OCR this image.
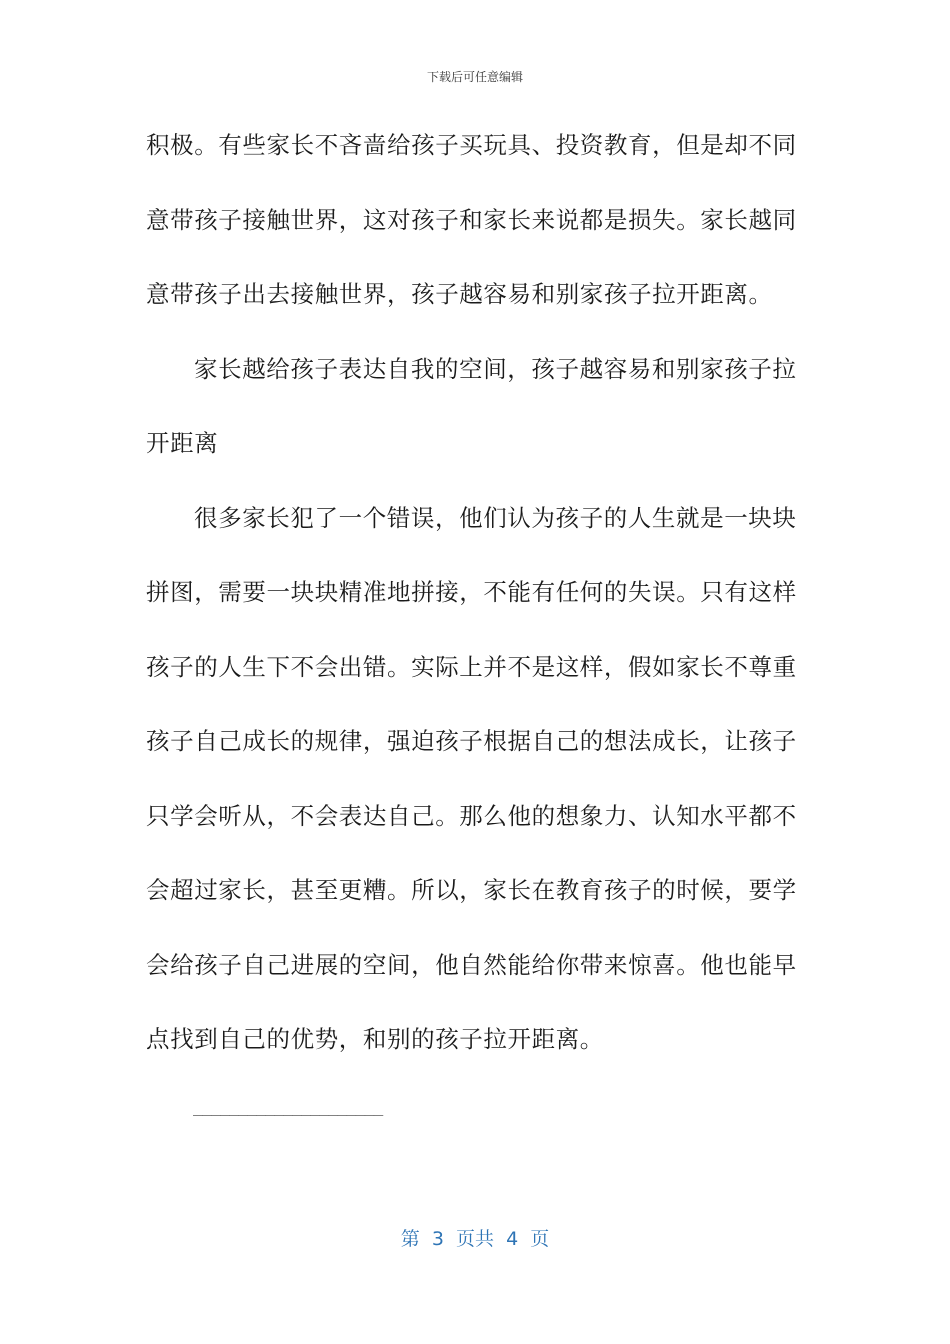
下载后可任意编辑
积极。有些家长不吝啬给孩子买玩具、投资教育，但是却不同
意带孩子接触世界，这对孩子和家长来说都是损失。家长越同
意带孩子出去接触世界，孩子越容易和别家孩子拉开距离。
家长越给孩子表达自我的空间，孩子越容易和别家孩子拉
开距离
很多家长犯了一个错误，他们认为孩子的人生就是一块块
拼图，需要一块块精准地拼接，不能有任何的失误。只有这样
孩子的人生下不会出错。实际上并不是这样，假如家长不尊重
孩子自己成长的规律，强迫孩子根据自己的想法成长，让孩子
只学会听从，不会表达自己。那么他的想象力、认知水平都不
会超过家长，甚至更糟。所以，家长在教育孩子的时候，要学
会给孩子自己进展的空间，他自然能给你带来惊喜。他也能早
点找到自己的优势，和别的孩子拉开距离。
_____________________
第  3  页共  4  页
